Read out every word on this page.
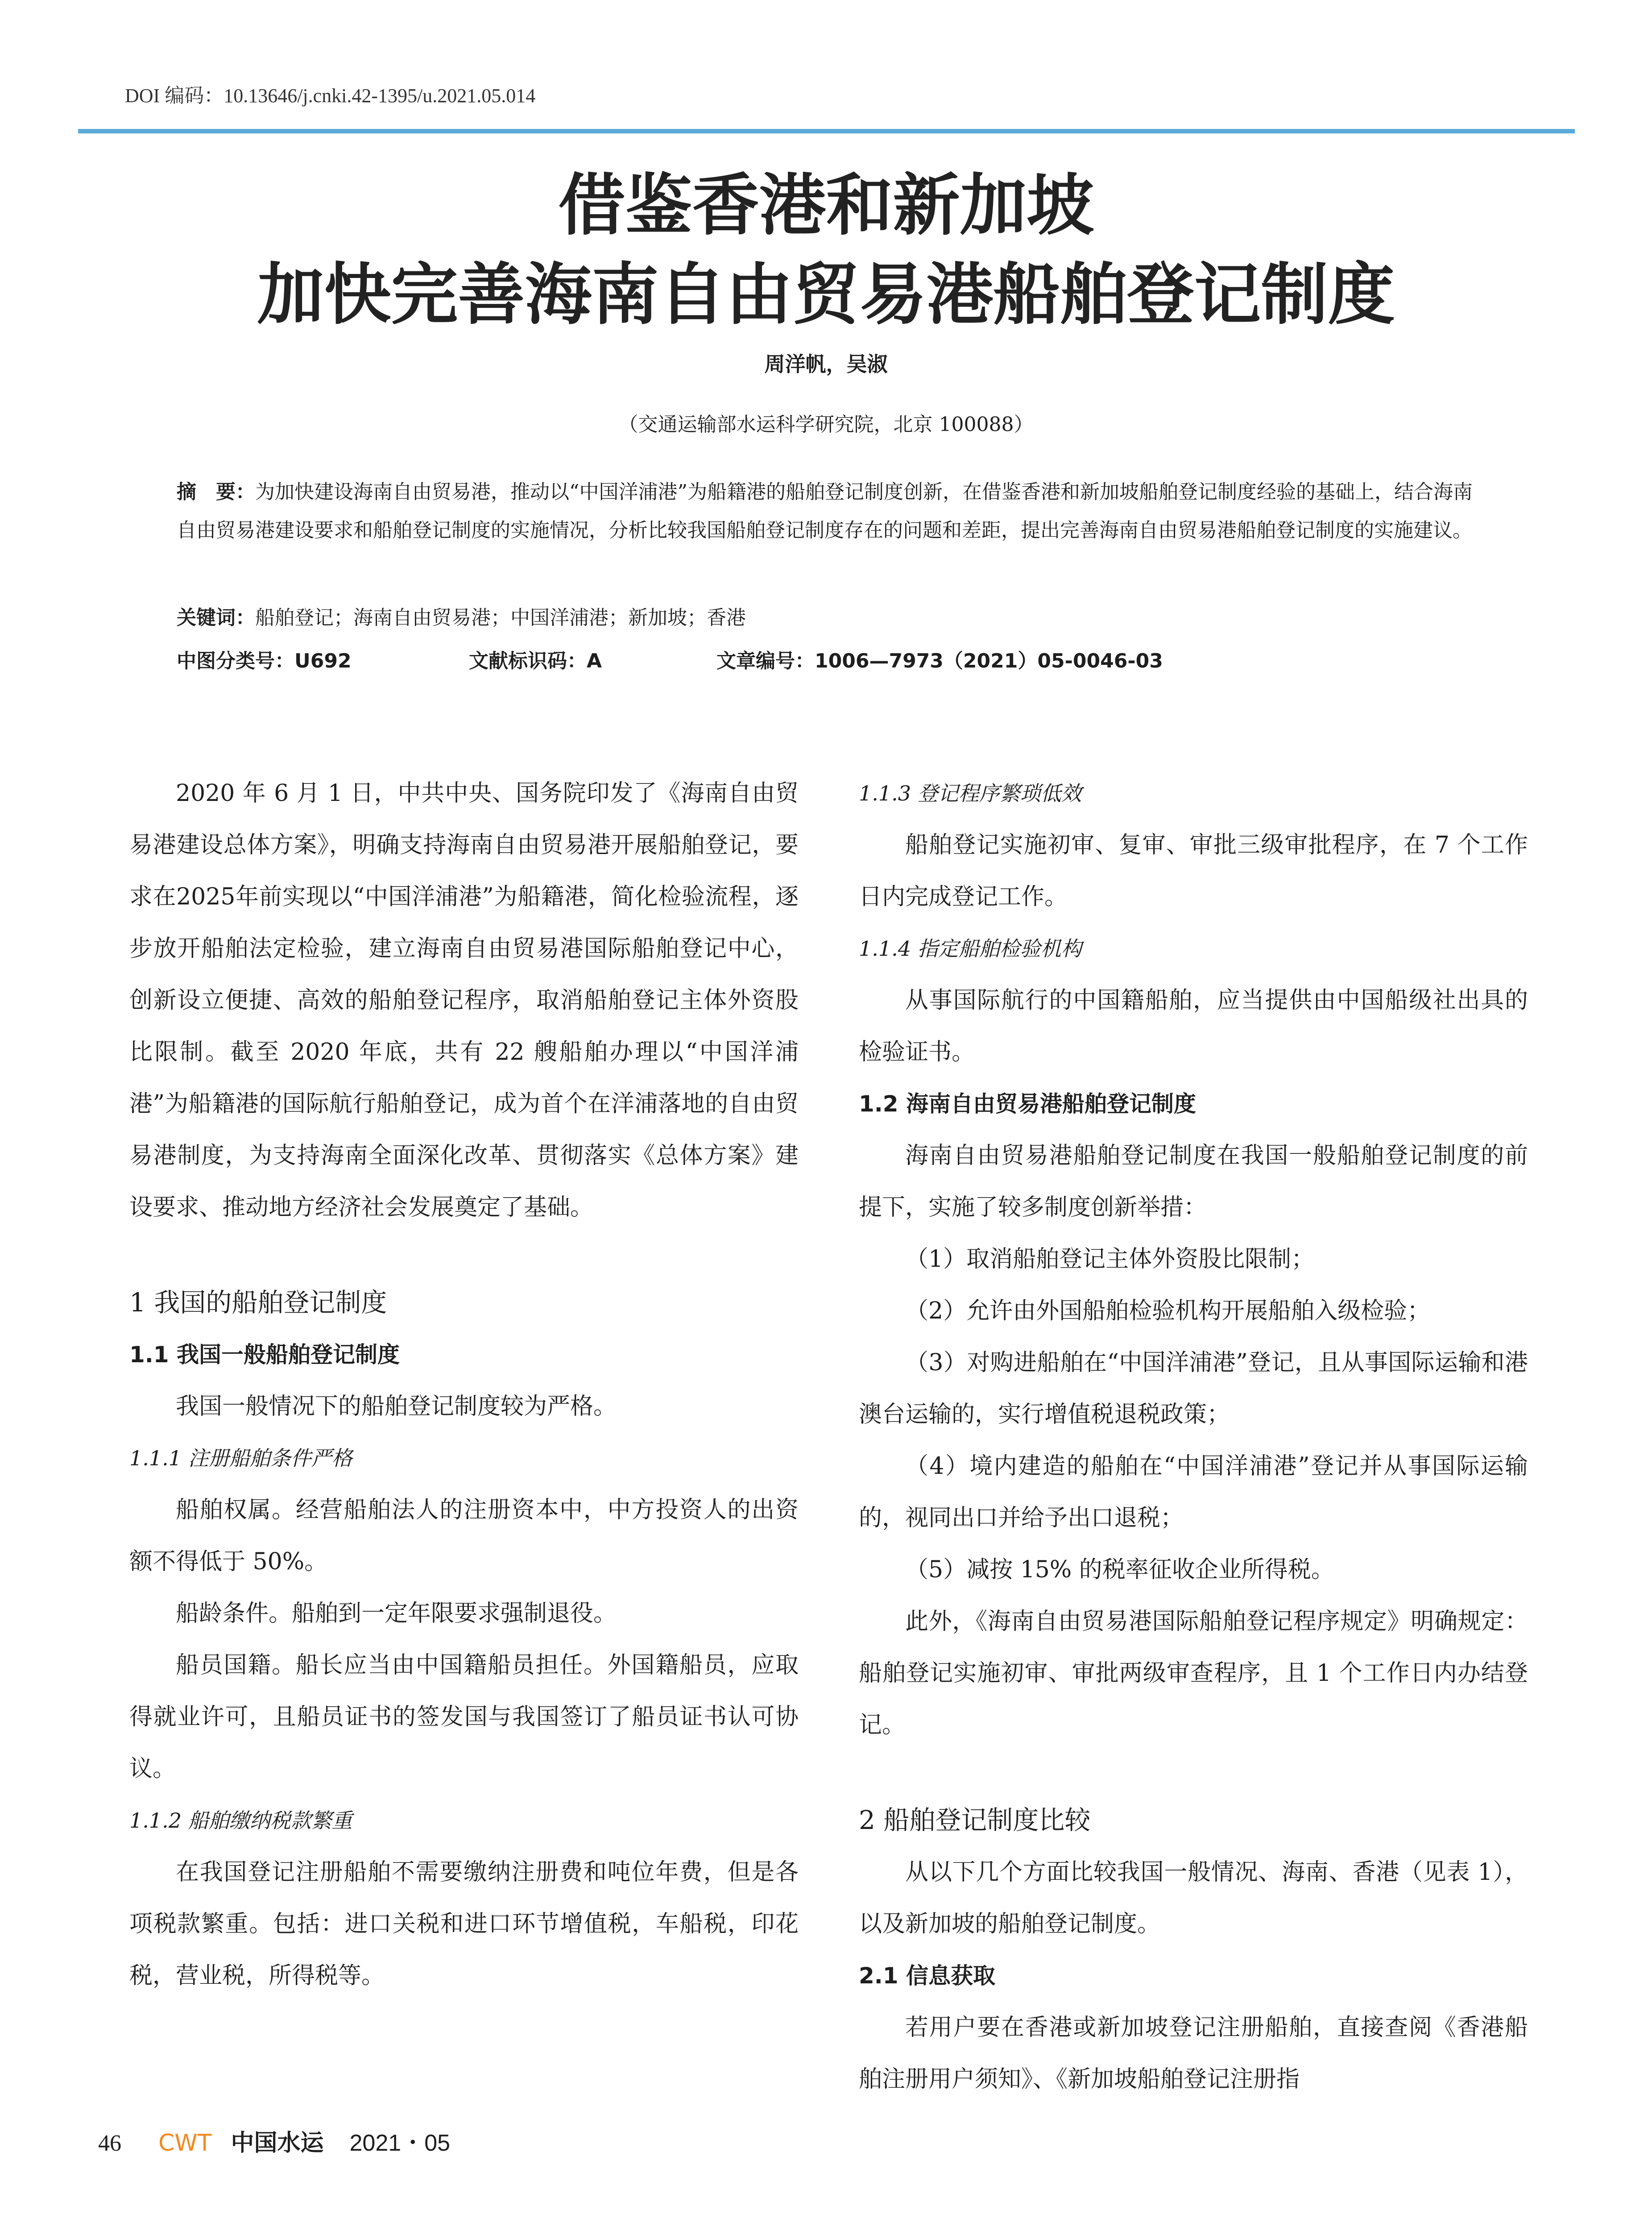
DOI 编码：10.13646/j.cnki.42-1395/u.2021.05.014
借鉴香港和新加坡
加快完善海南自由贸易港船舶登记制度
周洋帆，吴淑
（交通运输部水运科学研究院，北京 100088）
摘　要：为加快建设海南自由贸易港，推动以“中国洋浦港”为船籍港的船舶登记制度创新，在借鉴香港和新加坡船舶登记制度经验的基础上，结合海南自由贸易港建设要求和船舶登记制度的实施情况，分析比较我国船舶登记制度存在的问题和差距，提出完善海南自由贸易港船舶登记制度的实施建议。
关键词：船舶登记；海南自由贸易港；中国洋浦港；新加坡；香港
中图分类号：U692	文献标识码：A	文章编号：1006—7973（2021）05-0046-03

2020 年 6 月 1 日，中共中央、国务院印发了《海南自由贸易港建设总体方案》，明确支持海南自由贸易港开展船舶登记，要求在2025年前实现以“中国洋浦港”为船籍港，简化检验流程，逐步放开船舶法定检验，建立海南自由贸易港国际船舶登记中心，创新设立便捷、高效的船舶登记程序，取消船舶登记主体外资股比限制。截至 2020 年底，共有 22 艘船舶办理以“中国洋浦港”为船籍港的国际航行船舶登记，成为首个在洋浦落地的自由贸易港制度，为支持海南全面深化改革、贯彻落实《总体方案》建设要求、推动地方经济社会发展奠定了基础。

1 我国的船舶登记制度
1.1 我国一般船舶登记制度

我国一般情况下的船舶登记制度较为严格。

1.1.1 注册船舶条件严格

船舶权属。经营船舶法人的注册资本中，中方投资人的出资额不得低于 50%。

船龄条件。船舶到一定年限要求强制退役。

船员国籍。船长应当由中国籍船员担任。外国籍船员，应取得就业许可，且船员证书的签发国与我国签订了船员证书认可协议。

1.1.2 船舶缴纳税款繁重

在我国登记注册船舶不需要缴纳注册费和吨位年费，但是各项税款繁重。包括：进口关税和进口环节增值税，车船税，印花税，营业税，所得税等。

1.1.3 登记程序繁琐低效

船舶登记实施初审、复审、审批三级审批程序，在 7 个工作日内完成登记工作。

1.1.4 指定船舶检验机构

从事国际航行的中国籍船舶，应当提供由中国船级社出具的检验证书。

1.2 海南自由贸易港船舶登记制度

海南自由贸易港船舶登记制度在我国一般船舶登记制度的前提下，实施了较多制度创新举措：

（1）取消船舶登记主体外资股比限制；

（2）允许由外国船舶检验机构开展船舶入级检验；

（3）对购进船舶在“中国洋浦港”登记，且从事国际运输和港澳台运输的，实行增值税退税政策；

（4）境内建造的船舶在“中国洋浦港”登记并从事国际运输的，视同出口并给予出口退税；

（5）减按 15% 的税率征收企业所得税。

此外，《海南自由贸易港国际船舶登记程序规定》明确规定：船舶登记实施初审、审批两级审查程序，且 1 个工作日内办结登记。

2 船舶登记制度比较

从以下几个方面比较我国一般情况、海南、香港（见表 1），以及新加坡的船舶登记制度。

2.1 信息获取

若用户要在香港或新加坡登记注册船舶，直接查阅《香港船舶注册用户须知》、《新加坡船舶登记注册指

46 CWT 中国水运 2021・05
